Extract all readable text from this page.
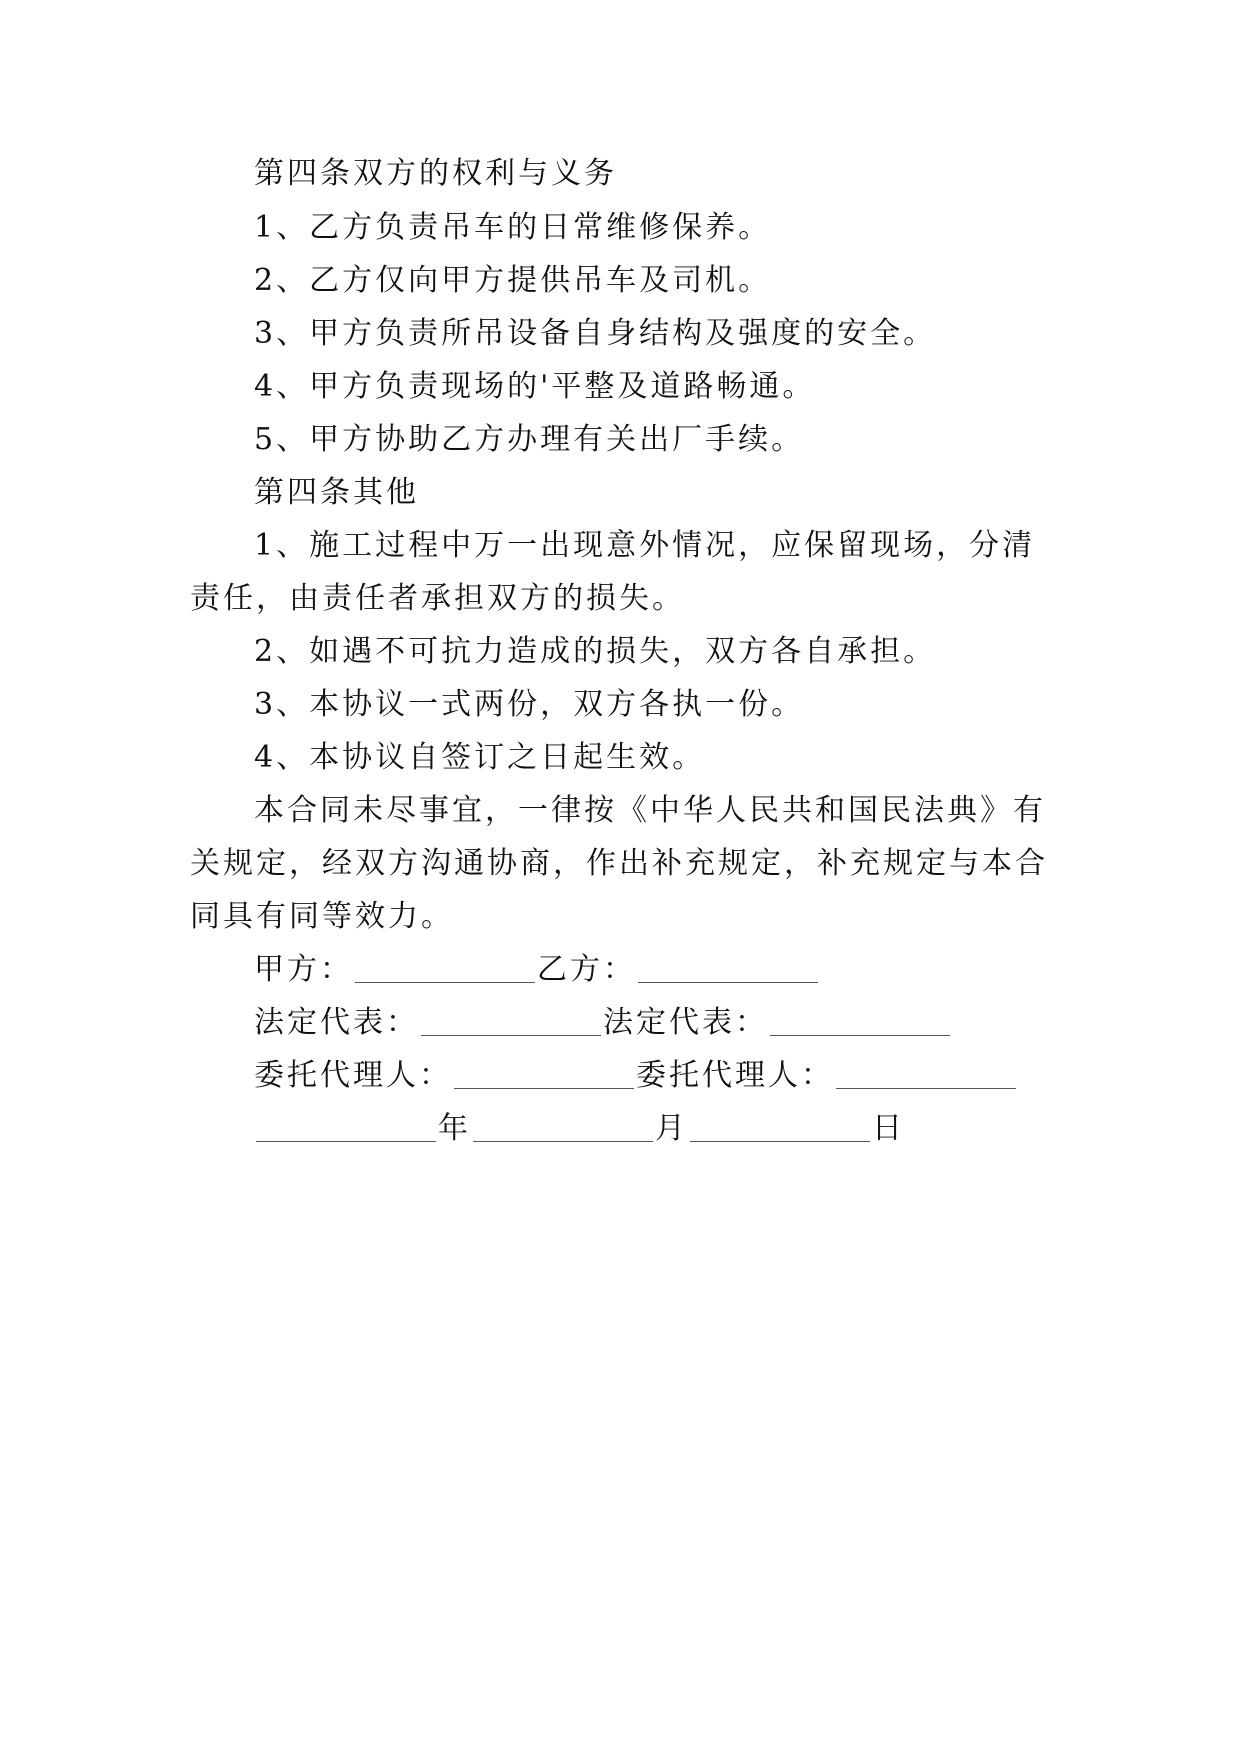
第四条双方的权利与义务
1、乙方负责吊车的日常维修保养。
2、乙方仅向甲方提供吊车及司机。
3、甲方负责所吊设备自身结构及强度的安全。
4、甲方负责现场的'平整及道路畅通。
5、甲方协助乙方办理有关出厂手续。
第四条其他
1、施工过程中万一出现意外情况，应保留现场，分清
责任，由责任者承担双方的损失。
2、如遇不可抗力造成的损失，双方各自承担。
3、本协议一式两份，双方各执一份。
4、本协议自签订之日起生效。
本合同未尽事宜，一律按《中华人民共和国民法典》有
关规定，经双方沟通协商，作出补充规定，补充规定与本合
同具有同等效力。
甲方：	乙方：
法定代表：	法定代表：
委托代理人：	委托代理人：
年	月	日
